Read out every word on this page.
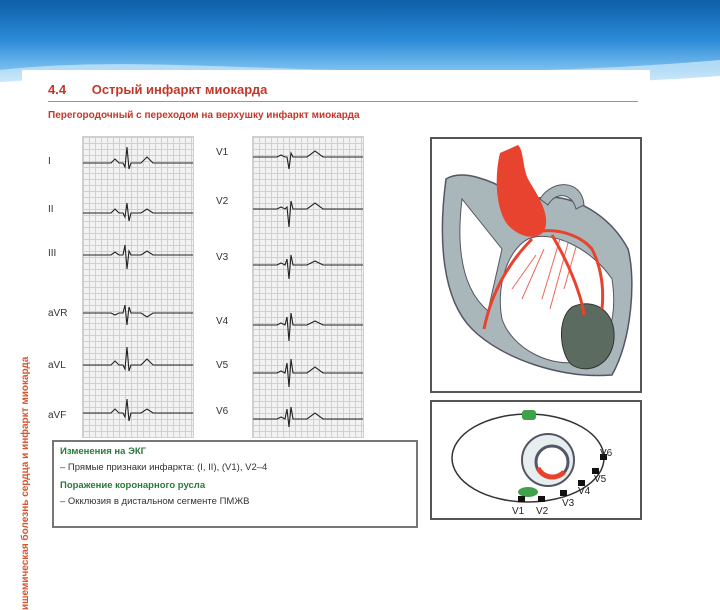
ишемическая болезнь сердца и инфаркт миокарда
4.4 Острый инфаркт миокарда
Перегородочный с переходом на верхушку инфаркт миокарда
I
II
III
aVR
aVL
aVF
V1
V2
V3
V4
V5
V6
V1 V2
V3
V4
V5
V6
Изменения на ЭКГ
– Прямые признаки инфаркта: (I, II), (V1), V2–4
Поражение коронарного русла
– Окклюзия в дистальном сегменте ПМЖВ
